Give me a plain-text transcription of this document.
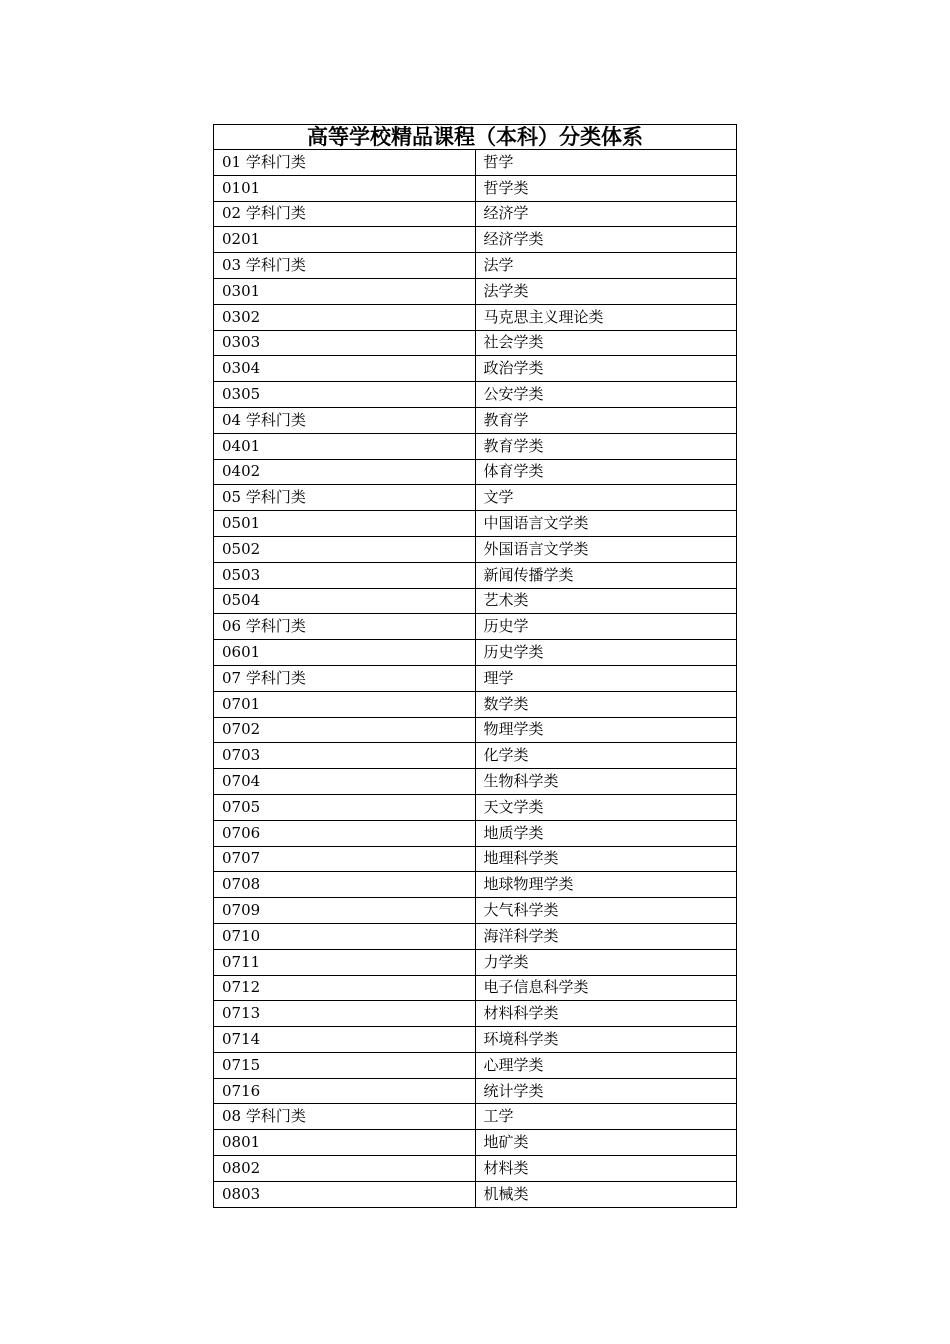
高等学校精品课程（本科）分类体系	
01 学科门类	哲学
0101	哲学类
02 学科门类	经济学
0201	经济学类
03 学科门类	法学
0301	法学类
0302	马克思主义理论类
0303	社会学类
0304	政治学类
0305	公安学类
04 学科门类	教育学
0401	教育学类
0402	体育学类
05 学科门类	文学
0501	中国语言文学类
0502	外国语言文学类
0503	新闻传播学类
0504	艺术类
06 学科门类	历史学
0601	历史学类
07 学科门类	理学
0701	数学类
0702	物理学类
0703	化学类
0704	生物科学类
0705	天文学类
0706	地质学类
0707	地理科学类
0708	地球物理学类
0709	大气科学类
0710	海洋科学类
0711	力学类
0712	电子信息科学类
0713	材料科学类
0714	环境科学类
0715	心理学类
0716	统计学类
08 学科门类	工学
0801	地矿类
0802	材料类
0803	机械类
